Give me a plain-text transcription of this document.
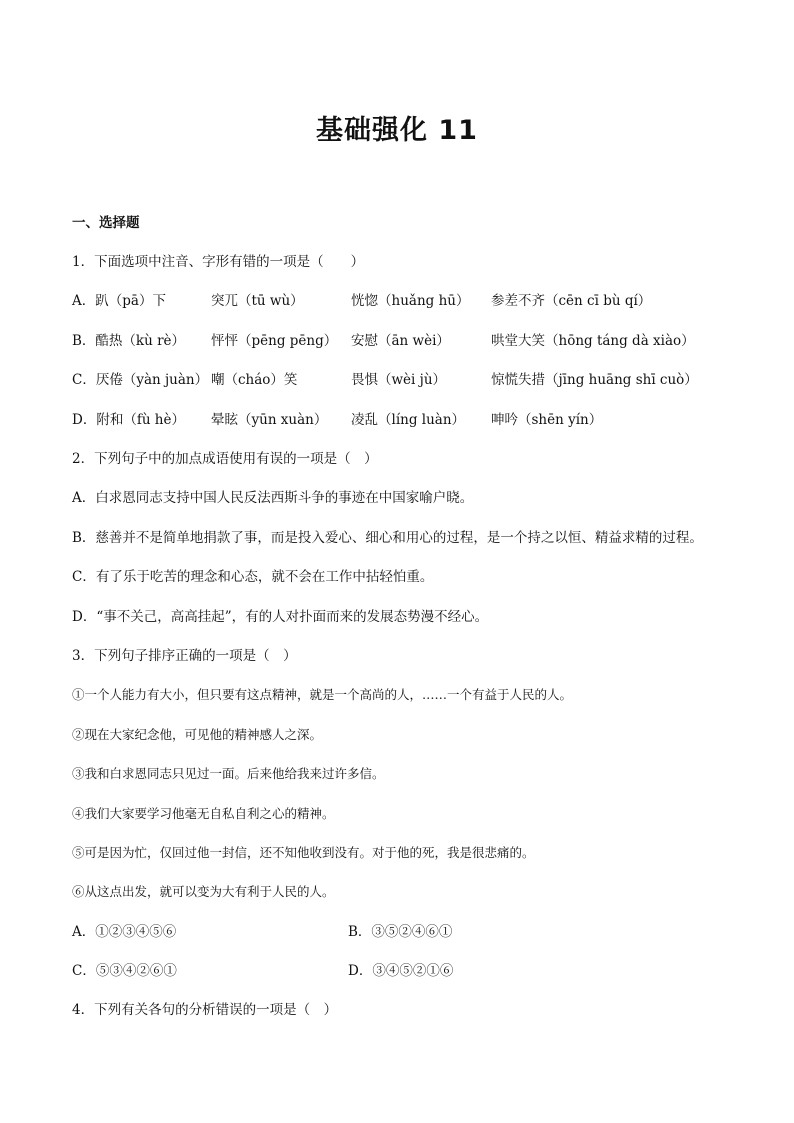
基础强化 11
一、选择题
1．下面选项中注音、字形有错的一项是（　　）
A．趴（pā）下	突兀（tū wù）	恍惚（huǎng hū） 参差不齐（cēn cī bù qí）
B．酷热（kù rè） 怦怦（pēng pēng） 安慰（ān wèi）	哄堂大笑（hōng táng dà xiào）
C．厌倦（yàn juàn） 嘲（cháo）笑	畏惧（wèi jù）	惊慌失措（jīng huāng shī cuò）
D．附和（fù hè） 晕眩（yūn xuàn） 凌乱（líng luàn） 呻吟（shēn yín）
2．下列句子中的加点成语使用有误的一项是（　）
A．白求恩同志支持中国人民反法西斯斗争的事迹在中国家喻户晓。
B．慈善并不是简单地捐款了事，而是投入爱心、细心和用心的过程，是一个持之以恒、精益求精的过程。
C．有了乐于吃苦的理念和心态，就不会在工作中拈轻怕重。
D．“事不关己，高高挂起”，有的人对扑面而来的发展态势漫不经心。
3．下列句子排序正确的一项是（　）
①一个人能力有大小，但只要有这点精神，就是一个高尚的人，……一个有益于人民的人。
②现在大家纪念他，可见他的精神感人之深。
③我和白求恩同志只见过一面。后来他给我来过许多信。
④我们大家要学习他毫无自私自利之心的精神。
⑤可是因为忙，仅回过他一封信，还不知他收到没有。对于他的死，我是很悲痛的。
⑥从这点出发，就可以变为大有利于人民的人。
A．①②③④⑤⑥	B．③⑤②④⑥①
C．⑤③④②⑥①	D．③④⑤②①⑥
4．下列有关各句的分析错误的一项是（　）
